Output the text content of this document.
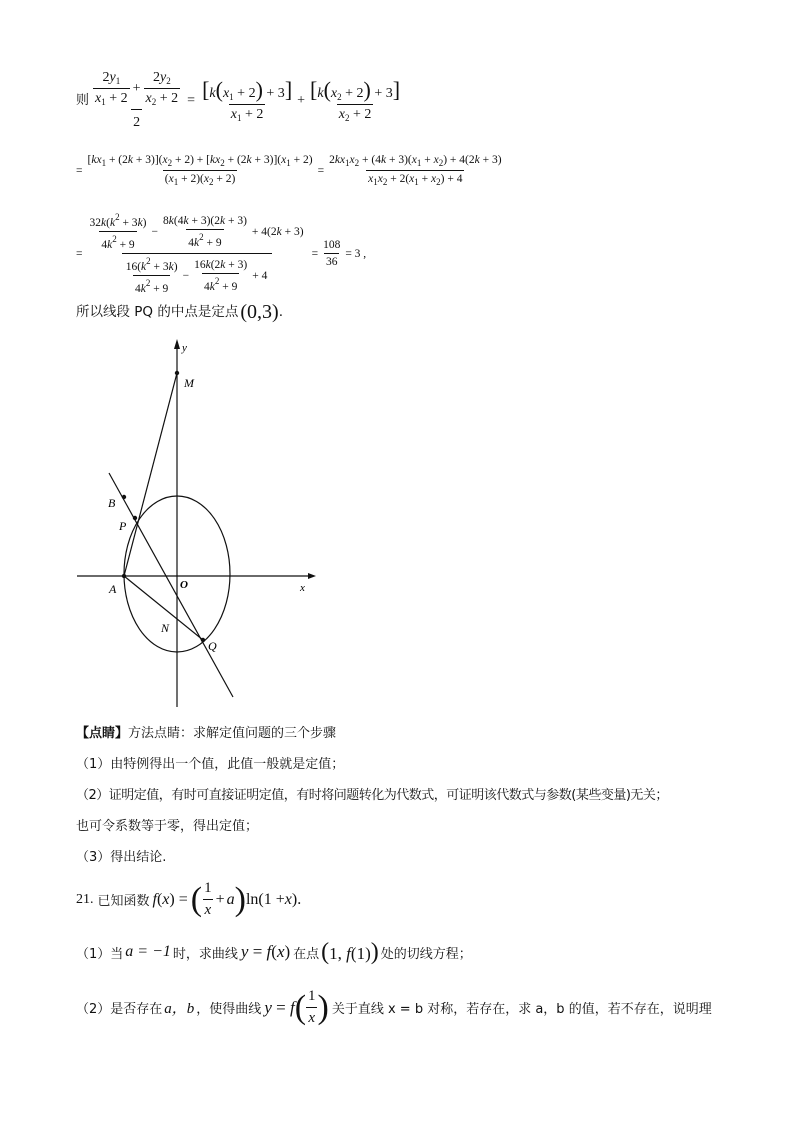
则 $\frac{\frac{2y_1}{x_1 + 2} + \frac{2y_2}{x_2 + 2}}{2} = \frac{[k(x_1 + 2) + 3]}{x_1 + 2} + \frac{[k(x_2 + 2) + 3]}{x_2 + 2}$
= $\frac{[kx_1 + (2k + 3)](x_2 + 2) + [kx_2 + (2k + 3)](x_1 + 2)}{(x_1 + 2)(x_2 + 2)} = \frac{2kx_1x_2 + (4k + 3)(x_1 + x_2) + 4(2k + 3)}{x_1x_2 + 2(x_1 + x_2) + 4}$
=
$\frac{32k(k^2 + 3k)}{4k^2 + 9} - \frac{8k(4k + 3)(2k + 3)}{4k^2 + 9} + 4(2k + 3)$
$\frac{16(k^2 + 3k)}{4k^2 + 9} - \frac{16k(2k + 3)}{4k^2 + 9} + 4$
= $\frac{108}{36} = 3$ ,
所以线段 PQ 的中点是定点 (0,3) .
y
x
M
B
P
A	O
N
Q
【点睛】方法点睛：求解定值问题的三个步骤
（1）由特例得出一个值，此值一般就是定值；
（2）证明定值，有时可直接证明定值，有时将问题转化为代数式，可证明该代数式与参数(某些变量)无关；
也可令系数等于零，得出定值；
（3）得出结论.
21. 已知函数 f ( x ) = ( $\frac{1}{x} + a$ ) ln(1 + x ).
（1）当 a = −1 时，求曲线 y = f(x) 在点 (1, f(1)) 处的切线方程；
（2）是否存在 a，b ，使得曲线 y = f ( $\frac{1}{x}$ ) 关于直线 x = b 对称，若存在，求 a，b 的值，若不存在，说明理
